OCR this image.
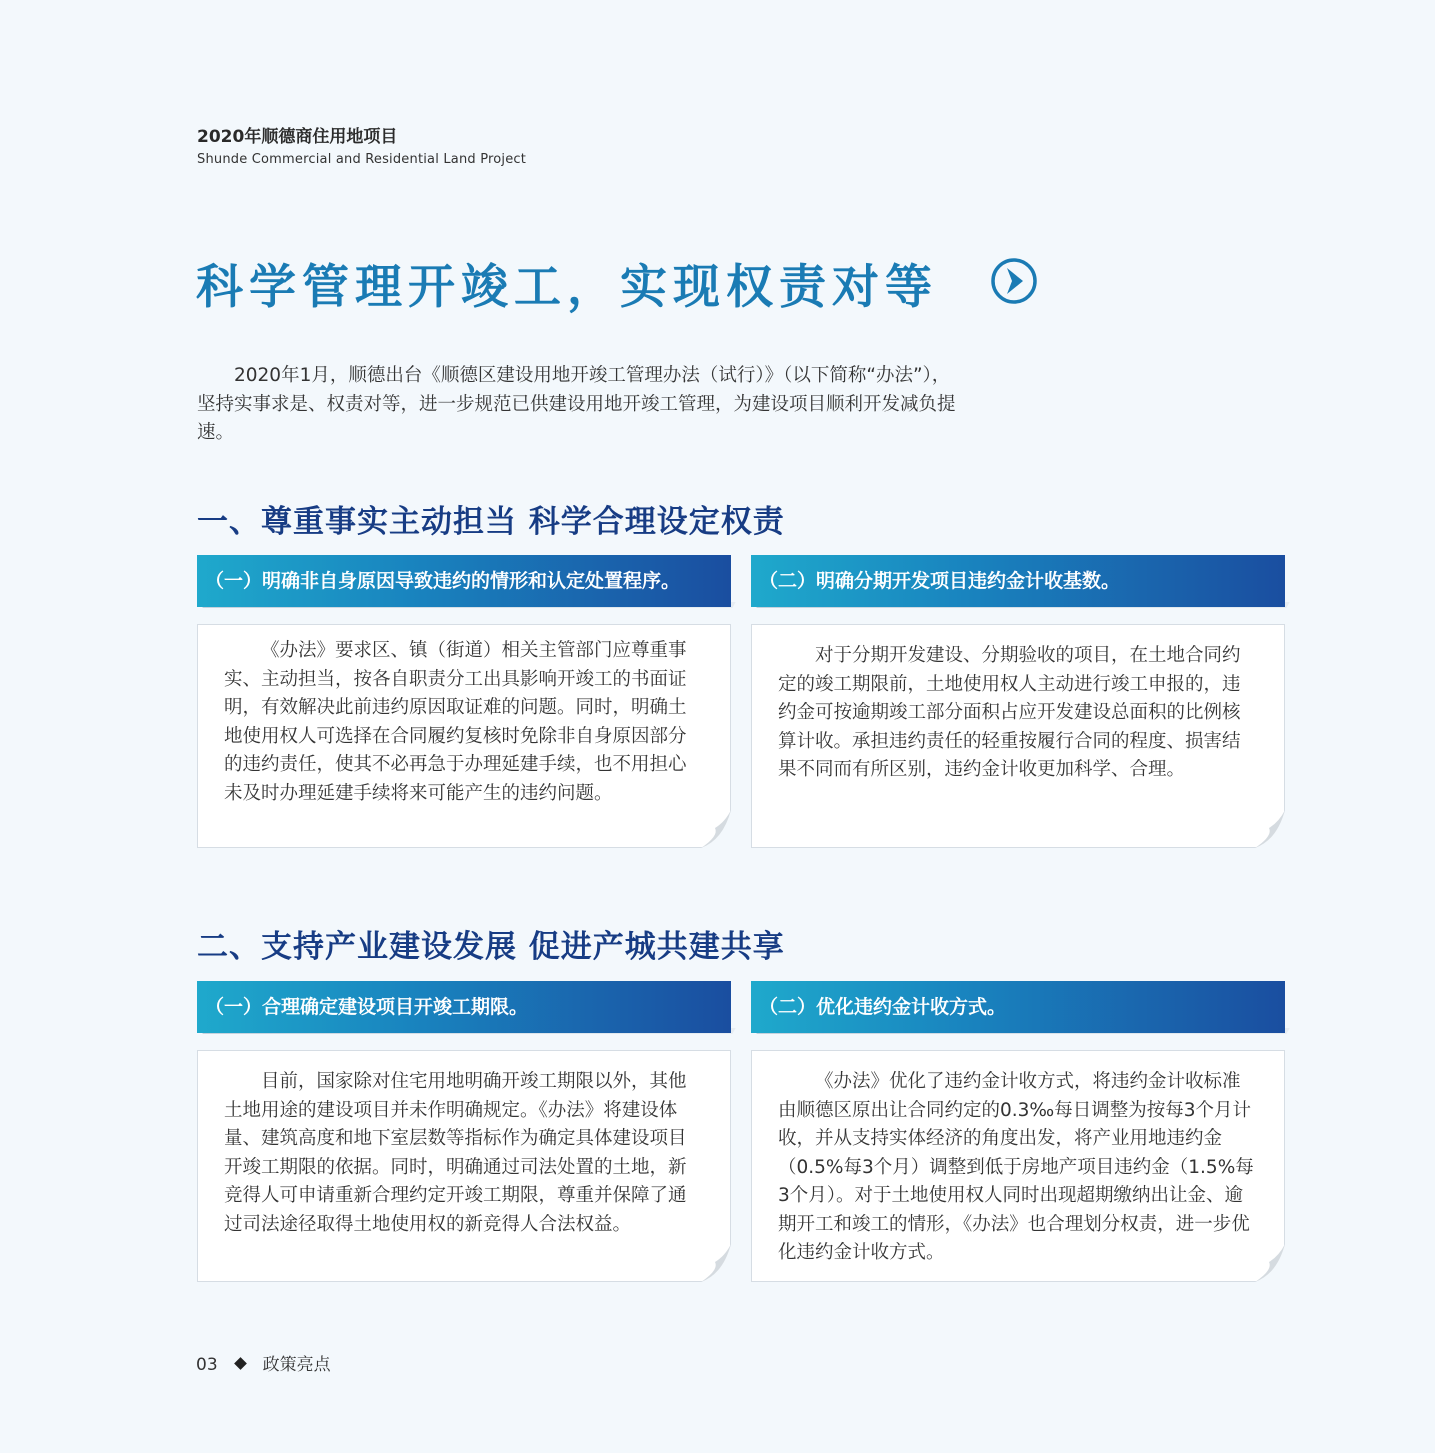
2020年顺德商住用地项目
Shunde Commercial and Residential Land Project
科学管理开竣工，实现权责对等
2020年1月，顺德出台《顺德区建设用地开竣工管理办法（试行）》（以下简称“办法”），坚持实事求是、权责对等，进一步规范已供建设用地开竣工管理，为建设项目顺利开发减负提速。
一、尊重事实主动担当 科学合理设定权责
（一）明确非自身原因导致违约的情形和认定处置程序。
《办法》要求区、镇（街道）相关主管部门应尊重事实、主动担当，按各自职责分工出具影响开竣工的书面证明，有效解决此前违约原因取证难的问题。同时，明确土地使用权人可选择在合同履约复核时免除非自身原因部分的违约责任，使其不必再急于办理延建手续，也不用担心未及时办理延建手续将来可能产生的违约问题。
（二）明确分期开发项目违约金计收基数。
对于分期开发建设、分期验收的项目，在土地合同约定的竣工期限前，土地使用权人主动进行竣工申报的，违约金可按逾期竣工部分面积占应开发建设总面积的比例核算计收。承担违约责任的轻重按履行合同的程度、损害结果不同而有所区别，违约金计收更加科学、合理。
二、支持产业建设发展 促进产城共建共享
（一）合理确定建设项目开竣工期限。
目前，国家除对住宅用地明确开竣工期限以外，其他土地用途的建设项目并未作明确规定。《办法》将建设体量、建筑高度和地下室层数等指标作为确定具体建设项目开竣工期限的依据。同时，明确通过司法处置的土地，新竞得人可申请重新合理约定开竣工期限，尊重并保障了通过司法途径取得土地使用权的新竞得人合法权益。
（二）优化违约金计收方式。
《办法》优化了违约金计收方式，将违约金计收标准由顺德区原出让合同约定的0.3‰每日调整为按每3个月计收，并从支持实体经济的角度出发，将产业用地违约金（0.5%每3个月）调整到低于房地产项目违约金（1.5%每3个月）。对于土地使用权人同时出现超期缴纳出让金、逾期开工和竣工的情形，《办法》也合理划分权责，进一步优化违约金计收方式。
03	政策亮点
